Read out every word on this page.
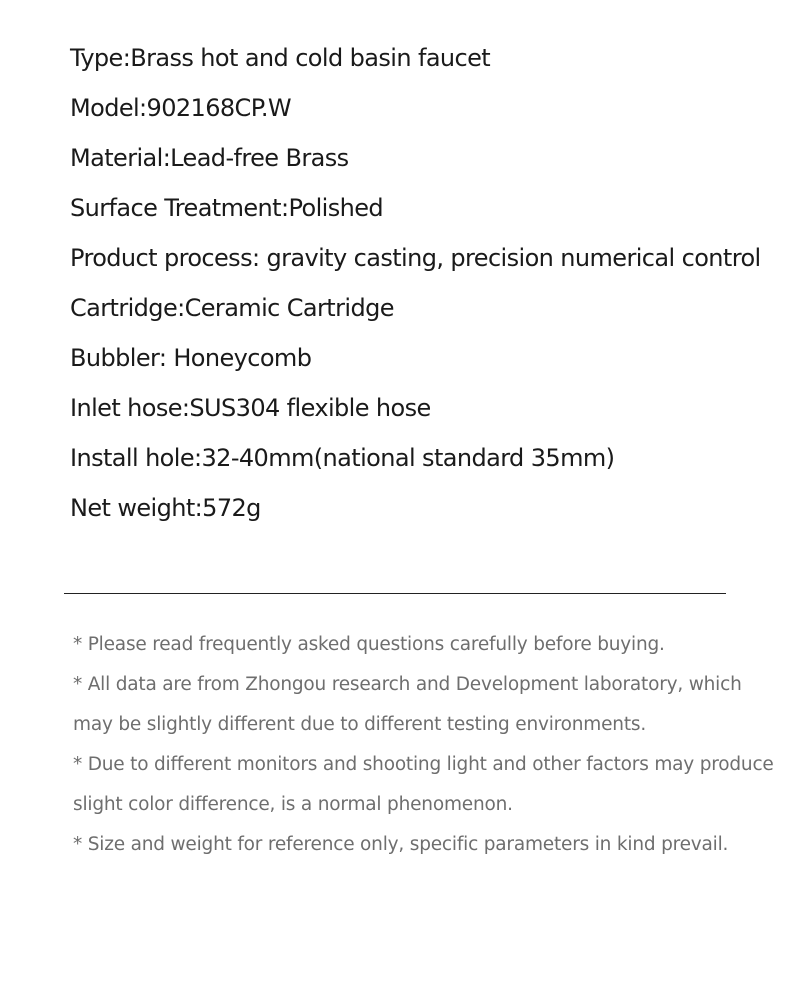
Type:Brass hot and cold basin faucet
Model:902168CP.W
Material:Lead-free Brass
Surface Treatment:Polished
Product process: gravity casting, precision numerical control
Cartridge:Ceramic Cartridge
Bubbler: Honeycomb
Inlet hose:SUS304 flexible hose
Install hole:32-40mm(national standard 35mm)
Net weight:572g
* Please read frequently asked questions carefully before buying.
* All data are from Zhongou research and Development laboratory, which
may be slightly different due to different testing environments.
* Due to different monitors and shooting light and other factors may produce
slight color difference, is a normal phenomenon.
* Size and weight for reference only, specific parameters in kind prevail.
